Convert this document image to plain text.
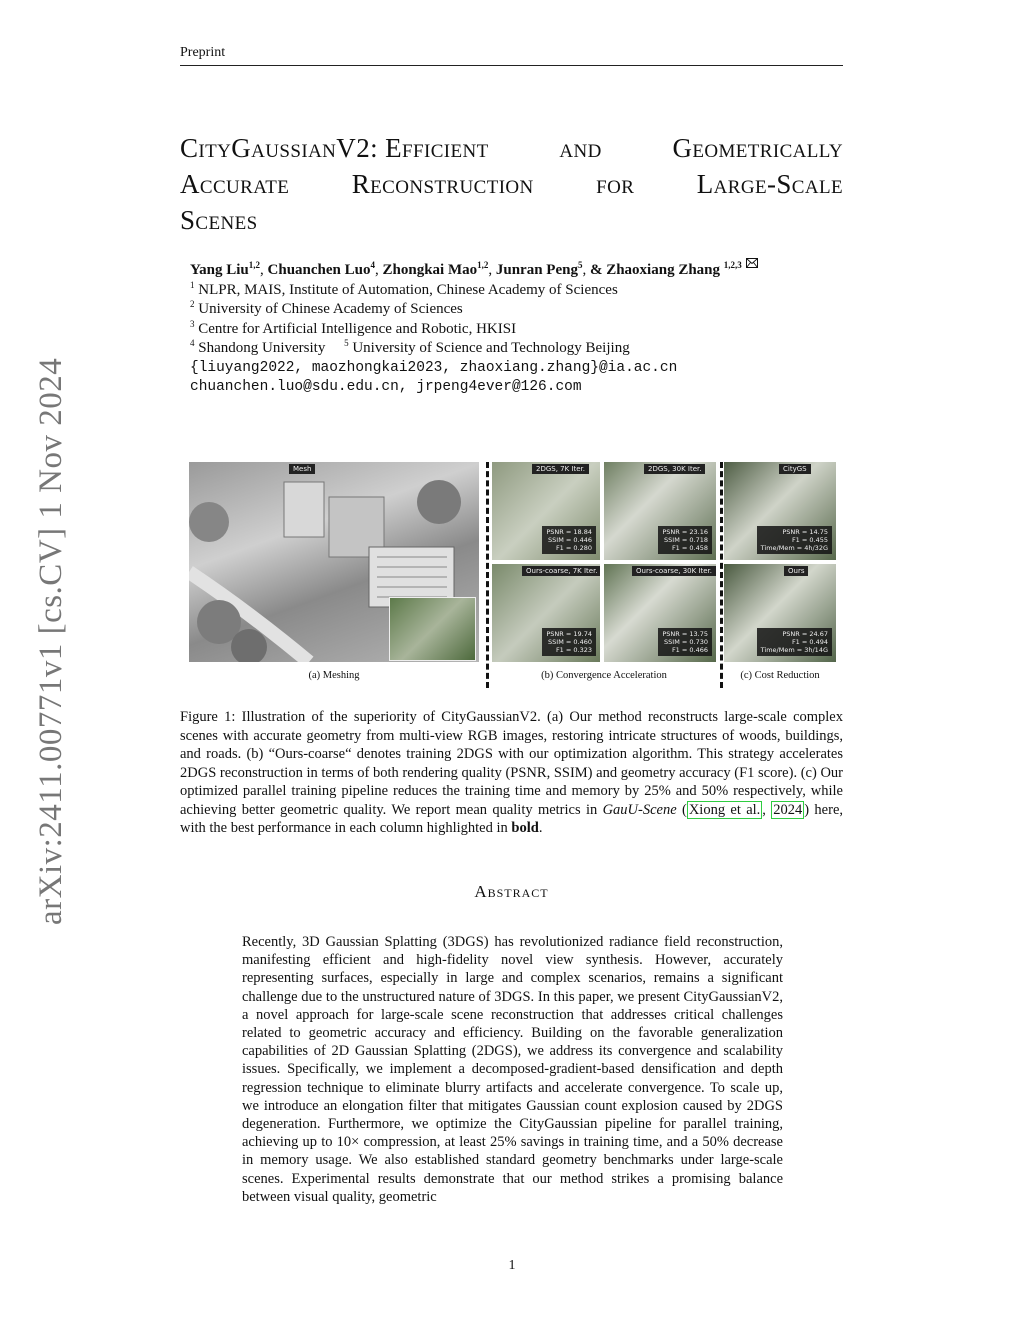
Preprint
arXiv:2411.00771v1 [cs.CV] 1 Nov 2024
CityGaussianV2: Efficient	and	Geometrically
Accurate Reconstruction for Large-Scale
Scenes
Yang Liu$^{1,2}$, Chuanchen Luo$^4$, Zhongkai Mao$^{1,2}$, Junran Peng$^5$, & Zhaoxiang Zhang $^{1,2,3}$
$^1$ NLPR, MAIS, Institute of Automation, Chinese Academy of Sciences
$^2$ University of Chinese Academy of Sciences
$^3$ Centre for Artificial Intelligence and Robotic, HKISI
$^4$ Shandong University $^5$ University of Science and Technology Beijing
{liuyang2022, maozhongkai2023, zhaoxiang.zhang}@ia.ac.cn
chuanchen.luo@sdu.edu.cn, jrpeng4ever@126.com
Mesh	2DGS, 7K Iter.
PSNR = 18.84
SSIM = 0.446
F1 = 0.280
2DGS, 30K Iter.
PSNR = 23.16
SSIM = 0.718
F1 = 0.458
CityGS
PSNR = 14.75
F1 = 0.455
Time/Mem = 4h/32G
Ours-coarse, 7K Iter.
PSNR = 19.74
SSIM = 0.460
F1 = 0.323
Ours-coarse, 30K Iter.
PSNR = 13.75
SSIM = 0.730
F1 = 0.466
Ours
PSNR = 24.67
F1 = 0.494
Time/Mem = 3h/14G
(a) Meshing	(b) Convergence Acceleration	(c) Cost Reduction
Figure 1: Illustration of the superiority of CityGaussianV2. (a) Our method reconstructs large-scale complex scenes with accurate geometry from multi-view RGB images, restoring intricate structures of woods, buildings, and roads. (b) “Ours-coarse“ denotes training 2DGS with our optimization algorithm. This strategy accelerates 2DGS reconstruction in terms of both rendering quality (PSNR, SSIM) and geometry accuracy (F1 score). (c) Our optimized parallel training pipeline reduces the training time and memory by 25% and 50% respectively, while achieving better geometric quality. We report mean quality metrics in GauU-Scene ( Xiong et al. , 2024 ) here, with the best performance in each column highlighted in bold.
Abstract
Recently, 3D Gaussian Splatting (3DGS) has revolutionized radiance field reconstruction, manifesting efficient and high-fidelity novel view synthesis. However, accurately representing surfaces, especially in large and complex scenarios, remains a significant challenge due to the unstructured nature of 3DGS. In this paper, we present CityGaussianV2, a novel approach for large-scale scene reconstruction that addresses critical challenges related to geometric accuracy and efficiency. Building on the favorable generalization capabilities of 2D Gaussian Splatting (2DGS), we address its convergence and scalability issues. Specifically, we implement a decomposed-gradient-based densification and depth regression technique to eliminate blurry artifacts and accelerate convergence. To scale up, we introduce an elongation filter that mitigates Gaussian count explosion caused by 2DGS degeneration. Furthermore, we optimize the CityGaussian pipeline for parallel training, achieving up to 10× compression, at least 25% savings in training time, and a 50% decrease in memory usage. We also established standard geometry benchmarks under large-scale scenes. Experimental results demonstrate that our method strikes a promising balance between visual quality, geometric
1
